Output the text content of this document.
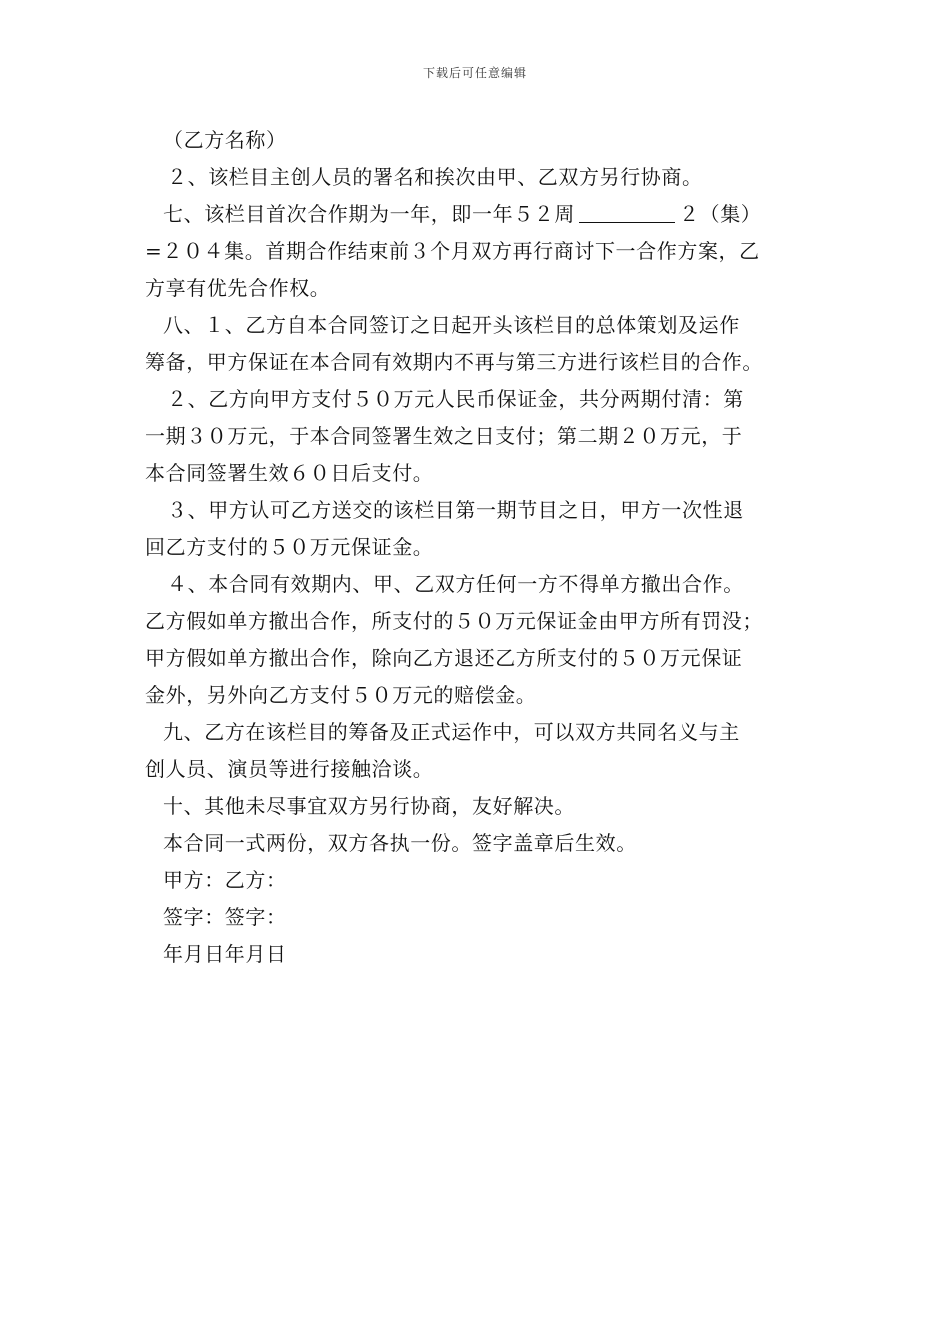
下载后可任意编辑
（乙方名称）
２、该栏目主创人员的署名和挨次由甲、乙双方另行协商。
七、该栏目首次合作期为一年，即一年５２周	２（集）
=２０４集。首期合作结束前３个月双方再行商讨下一合作方案，乙
方享有优先合作权。
八、１、乙方自本合同签订之日起开头该栏目的总体策划及运作
筹备，甲方保证在本合同有效期内不再与第三方进行该栏目的合作。
２、乙方向甲方支付５０万元人民币保证金，共分两期付清：第
一期３０万元，于本合同签署生效之日支付；第二期２０万元，于
本合同签署生效６０日后支付。
３、甲方认可乙方送交的该栏目第一期节目之日，甲方一次性退
回乙方支付的５０万元保证金。
４、本合同有效期内、甲、乙双方任何一方不得单方撤出合作。
乙方假如单方撤出合作，所支付的５０万元保证金由甲方所有罚没；
甲方假如单方撤出合作，除向乙方退还乙方所支付的５０万元保证
金外，另外向乙方支付５０万元的赔偿金。
九、乙方在该栏目的筹备及正式运作中，可以双方共同名义与主
创人员、演员等进行接触洽谈。
十、其他未尽事宜双方另行协商，友好解决。
本合同一式两份，双方各执一份。签字盖章后生效。
甲方：乙方：
签字：签字：
年月日年月日
